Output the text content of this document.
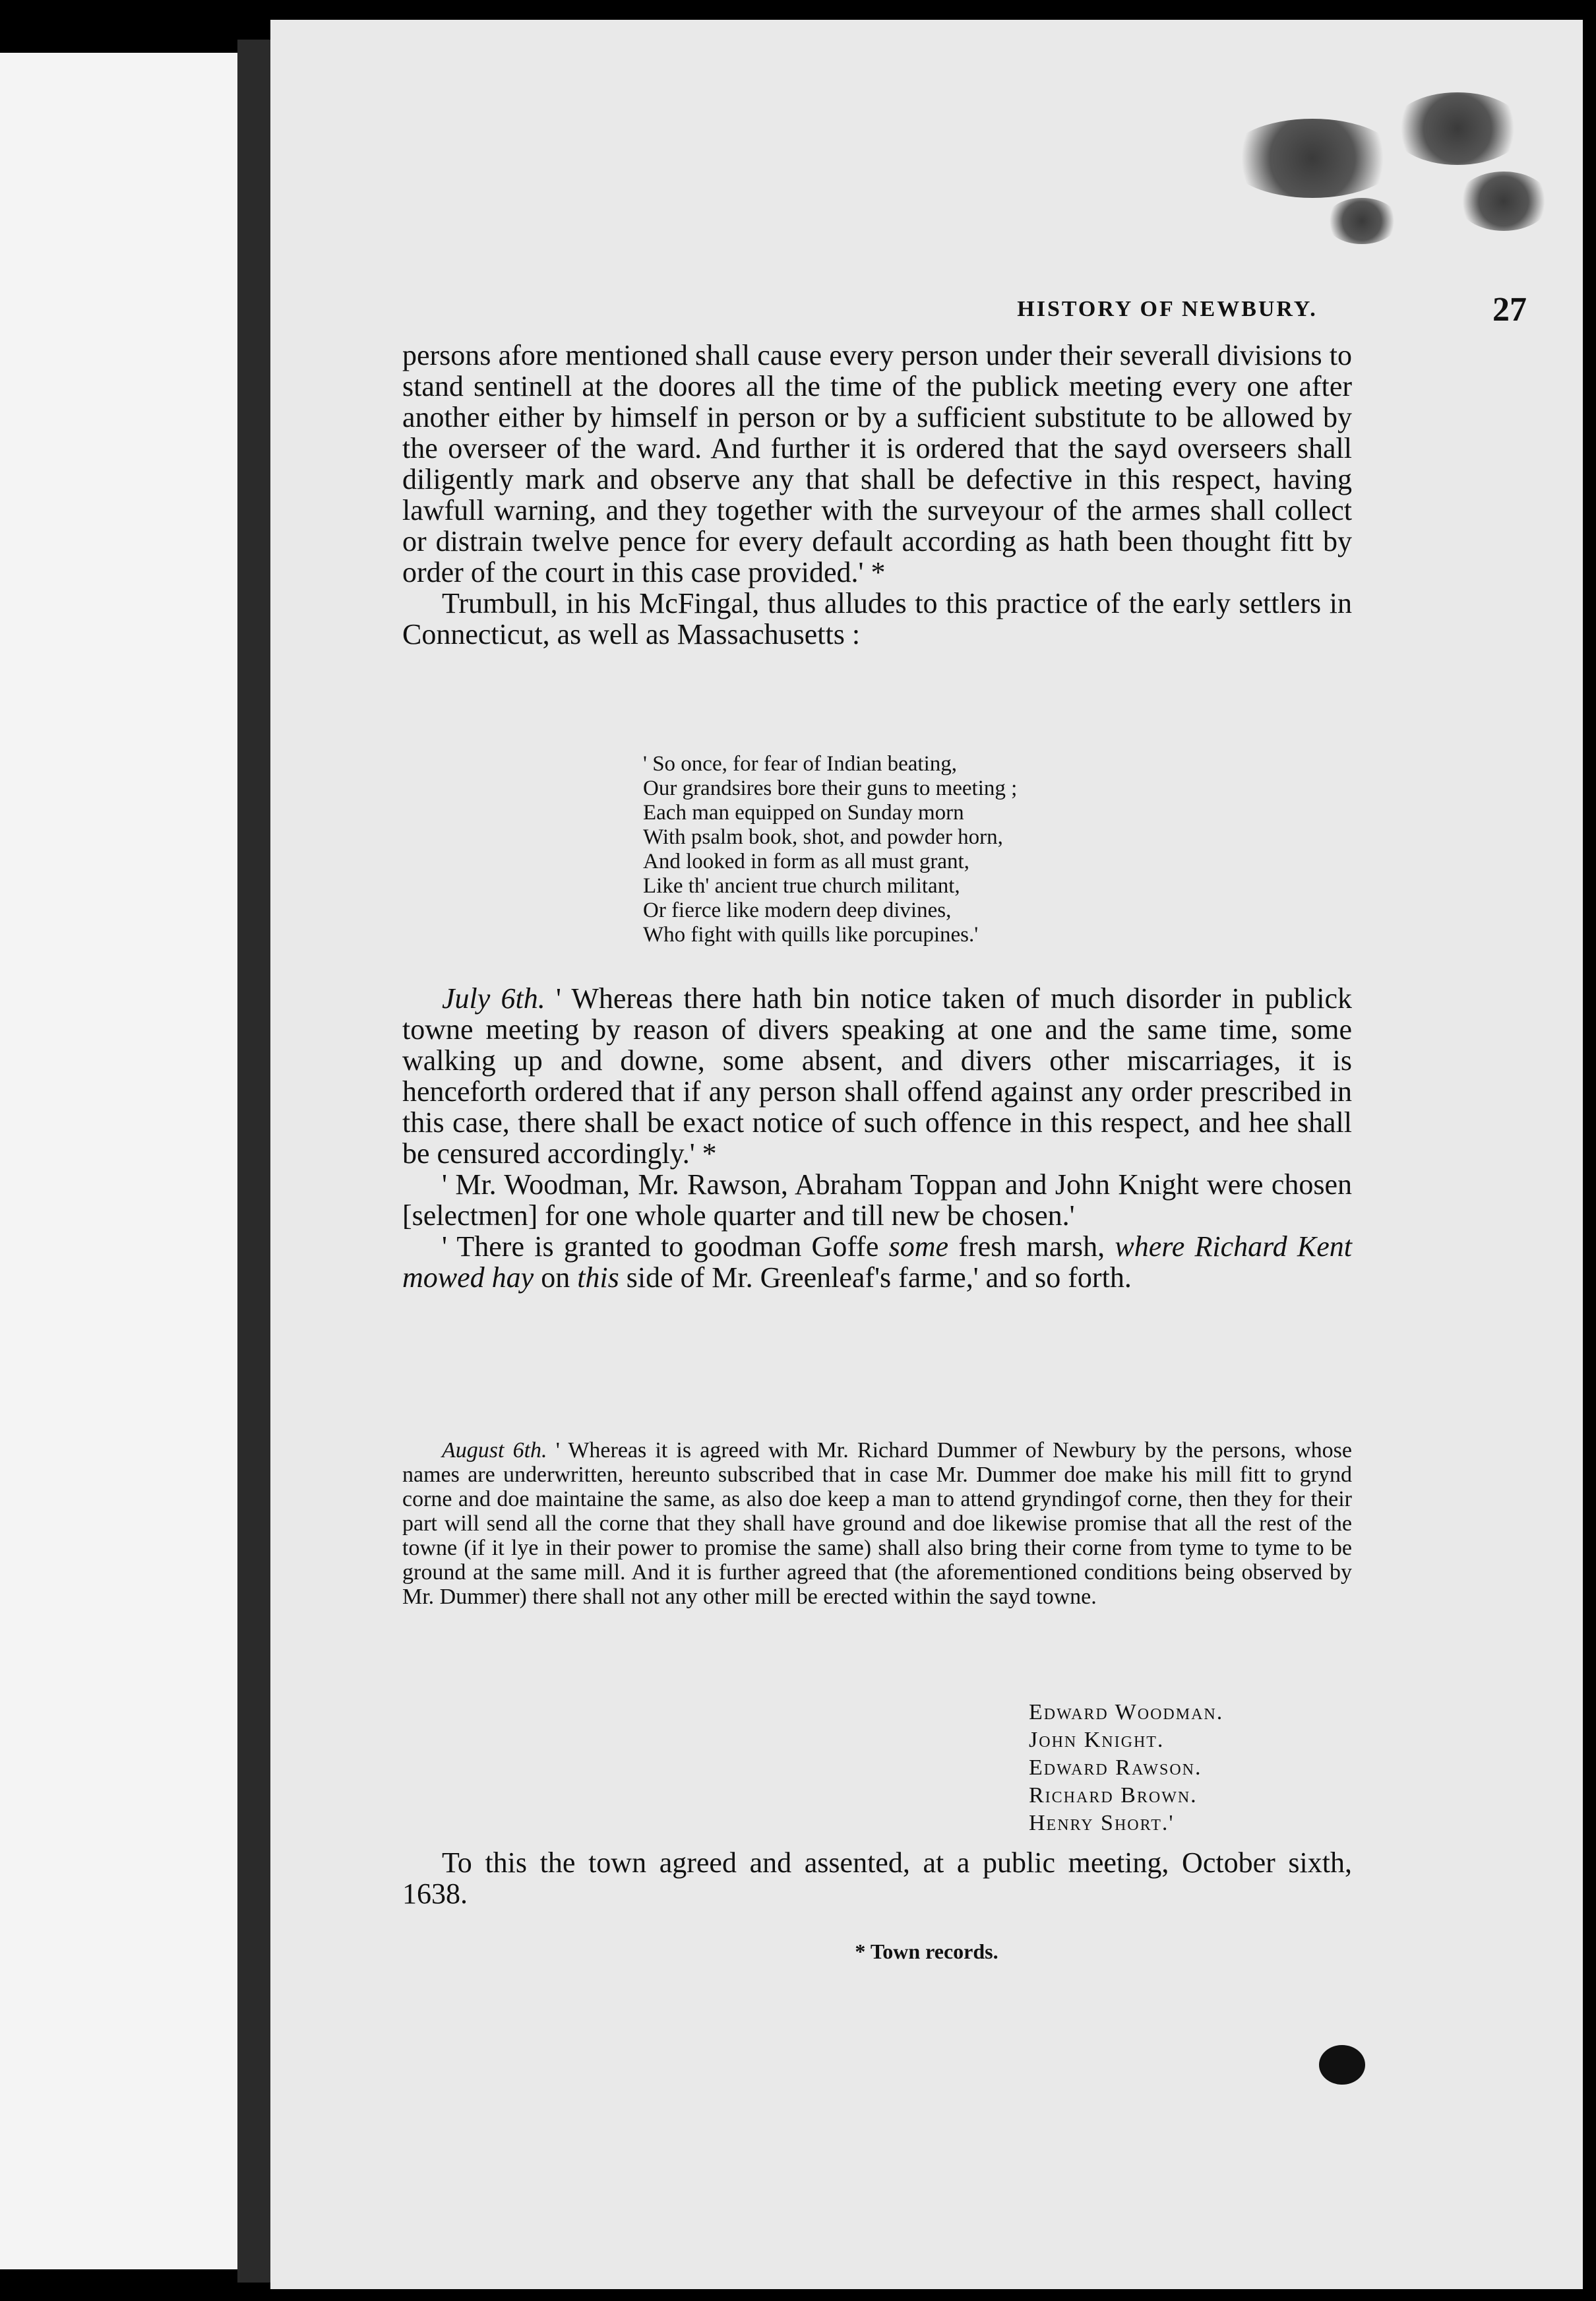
HISTORY OF NEWBURY.	27

persons afore mentioned shall cause every person under their severall divisions to stand sentinell at the doores all the time of the publick meeting every one after another either by himself in person or by a sufficient substitute to be allowed by the overseer of the ward. And further it is ordered that the sayd overseers shall diligently mark and observe any that shall be defective in this respect, having lawfull warning, and they together with the surveyour of the armes shall collect or distrain twelve pence for every default according as hath been thought fitt by order of the court in this case provided.' *

Trumbull, in his McFingal, thus alludes to this practice of the early settlers in Connecticut, as well as Massachusetts :

' So once, for fear of Indian beating,
Our grandsires bore their guns to meeting ;
Each man equipped on Sunday morn
With psalm book, shot, and powder horn,
And looked in form as all must grant,
Like th' ancient true church militant,
Or fierce like modern deep divines,
Who fight with quills like porcupines.'

July 6th. ' Whereas there hath bin notice taken of much disorder in publick towne meeting by reason of divers speaking at one and the same time, some walking up and downe, some absent, and divers other miscarriages, it is henceforth ordered that if any person shall offend against any order prescribed in this case, there shall be exact notice of such offence in this respect, and hee shall be censured accordingly.' *

' Mr. Woodman, Mr. Rawson, Abraham Toppan and John Knight were chosen [selectmen] for one whole quarter and till new be chosen.'

' There is granted to goodman Goffe some fresh marsh, where Richard Kent mowed hay on this side of Mr. Greenleaf's farme,' and so forth.

August 6th. ' Whereas it is agreed with Mr. Richard Dummer of Newbury by the persons, whose names are underwritten, hereunto subscribed that in case Mr. Dummer doe make his mill fitt to grynd corne and doe maintaine the same, as also doe keep a man to attend gryndingof corne, then they for their part will send all the corne that they shall have ground and doe likewise promise that all the rest of the towne (if it lye in their power to promise the same) shall also bring their corne from tyme to tyme to be ground at the same mill. And it is further agreed that (the aforementioned conditions being observed by Mr. Dummer) there shall not any other mill be erected within the sayd towne.

Edward Woodman.
John Knight.
Edward Rawson.
Richard Brown.
Henry Short.'

To this the town agreed and assented, at a public meeting, October sixth, 1638.

* Town records.
